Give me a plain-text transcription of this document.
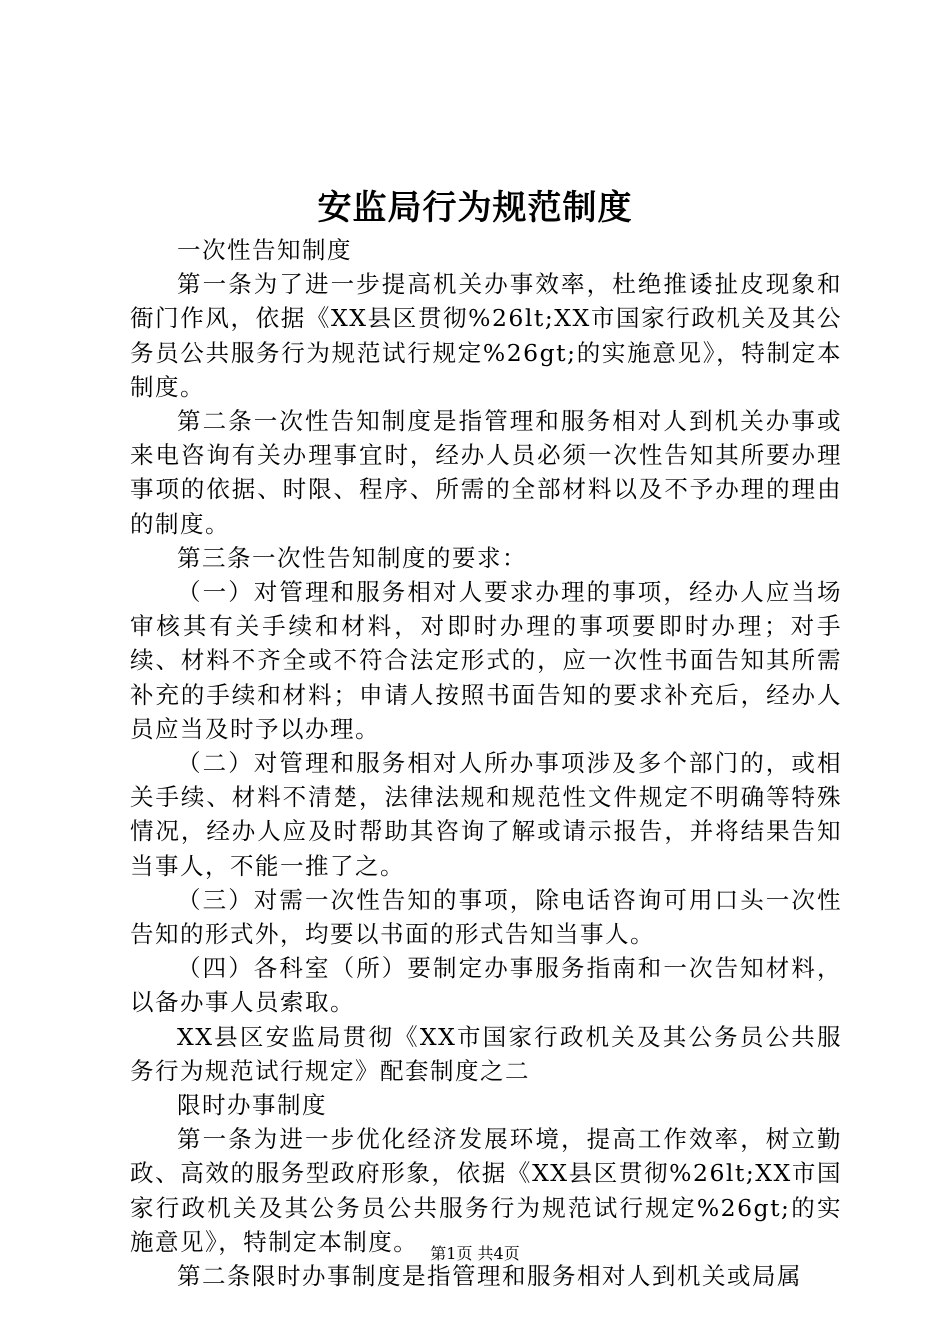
安监局行为规范制度

一次性告知制度

第一条为了进一步提高机关办事效率，杜绝推诿扯皮现象和衙门作风，依据《XX县区贯彻%26lt;XX市国家行政机关及其公务员公共服务行为规范试行规定%26gt;的实施意见》，特制定本制度。

第二条一次性告知制度是指管理和服务相对人到机关办事或来电咨询有关办理事宜时，经办人员必须一次性告知其所要办理事项的依据、时限、程序、所需的全部材料以及不予办理的理由的制度。

第三条一次性告知制度的要求：

（一）对管理和服务相对人要求办理的事项，经办人应当场审核其有关手续和材料，对即时办理的事项要即时办理；对手续、材料不齐全或不符合法定形式的，应一次性书面告知其所需补充的手续和材料；申请人按照书面告知的要求补充后，经办人员应当及时予以办理。

（二）对管理和服务相对人所办事项涉及多个部门的，或相关手续、材料不清楚，法律法规和规范性文件规定不明确等特殊情况，经办人应及时帮助其咨询了解或请示报告，并将结果告知当事人，不能一推了之。

（三）对需一次性告知的事项，除电话咨询可用口头一次性告知的形式外，均要以书面的形式告知当事人。

（四）各科室（所）要制定办事服务指南和一次告知材料，以备办事人员索取。

XX县区安监局贯彻《XX市国家行政机关及其公务员公共服务行为规范试行规定》配套制度之二

限时办事制度

第一条为进一步优化经济发展环境，提高工作效率，树立勤政、高效的服务型政府形象，依据《XX县区贯彻%26lt;XX市国家行政机关及其公务员公共服务行为规范试行规定%26gt;的实施意见》，特制定本制度。

第二条限时办事制度是指管理和服务相对人到机关或局属

第1页 共4页
